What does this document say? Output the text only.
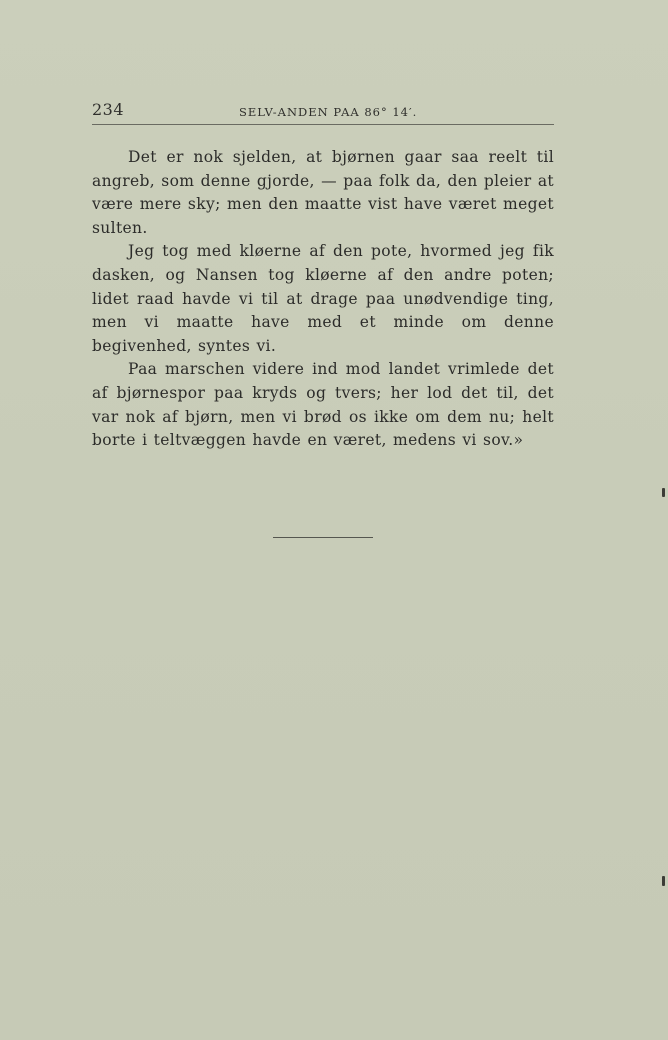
234	SELV-ANDEN PAA 86° 14′.

Det er nok sjelden, at bjørnen gaar saa reelt til angreb, som denne gjorde, — paa folk da, den pleier at være mere sky; men den maatte vist have været meget sulten.

Jeg tog med kløerne af den pote, hvormed jeg fik dasken, og Nansen tog kløerne af den andre poten; lidet raad havde vi til at drage paa unødvendige ting, men vi maatte have med et minde om denne begivenhed, syntes vi.

Paa marschen videre ind mod landet vrimlede det af bjørnespor paa kryds og tvers; her lod det til, det var nok af bjørn, men vi brød os ikke om dem nu; helt borte i teltvæggen havde en været, medens vi sov.»
